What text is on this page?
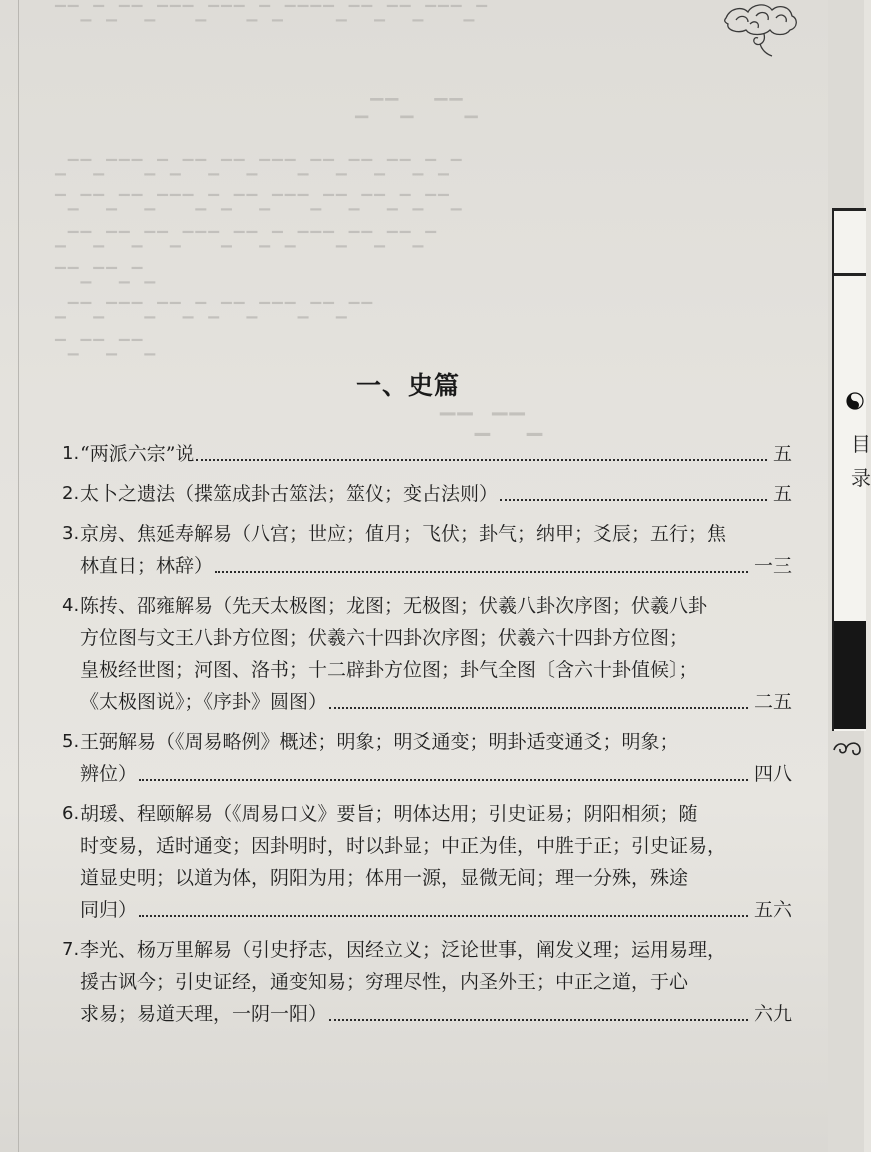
▔▔▁▔▁▔▔▁▔▔▔▁▔▔▔▁▔▁▔▔▔▔▁▔▔▁▔▔▁▔▔▔▁▔
▁▔▔▁　▔▔▁
▁▔▔▁▔▔▔▁▔▁▔▔▁▔▔▁▔▔▔▁▔▔▁▔▔▁▔▔▁▔▁▔
▔▁▔▔▁▔▔▁▔▔▔▁▔▁▔▔▁▔▔▔▁▔▔▁▔▔▁▔▁▔▔▁
▁▔▔▁▔▔▁▔▔▁▔▔▔▁▔▔▁▔▁▔▔▔▁▔▔▁▔▔▁▔
▔▔▁▔▔▁▔▁
▁▔▔▁▔▔▔▁▔▔▁▔▁▔▔▁▔▔▔▁▔▔▁▔▔
▔▁▔▔▁▔▔▁
▔▔▁▔▔▁
一、史篇
1. “两派六宗”说	五
2. 太卜之遗法（揲筮成卦古筮法；筮仪；变占法则）	五
3. 京房、焦延寿解易（八宫；世应；值月；飞伏；卦气；纳甲；爻辰；五行；焦
林直日；林辞）	一三
4. 陈抟、邵雍解易（先天太极图；龙图；无极图；伏羲八卦次序图；伏羲八卦
方位图与文王八卦方位图；伏羲六十四卦次序图；伏羲六十四卦方位图；
皇极经世图；河图、洛书；十二辟卦方位图；卦气全图〔含六十卦值候〕；
《太极图说》；《序卦》圆图）	二五
5. 王弼解易（《周易略例》概述；明象；明爻通变；明卦适变通爻；明象；
辨位）	四八
6. 胡瑗、程颐解易（《周易口义》要旨；明体达用；引史证易；阴阳相须；随
时变易，适时通变；因卦明时，时以卦显；中正为佳，中胜于正；引史证易，
道显史明；以道为体，阴阳为用；体用一源，显微无间；理一分殊，殊途
同归）	五六
7. 李光、杨万里解易（引史抒志，因经立义；泛论世事，阐发义理；运用易理，
援古讽今；引史证经，通变知易；穷理尽性，内圣外王；中正之道，于心
求易；易道天理，一阴一阳）	六九
目
录
